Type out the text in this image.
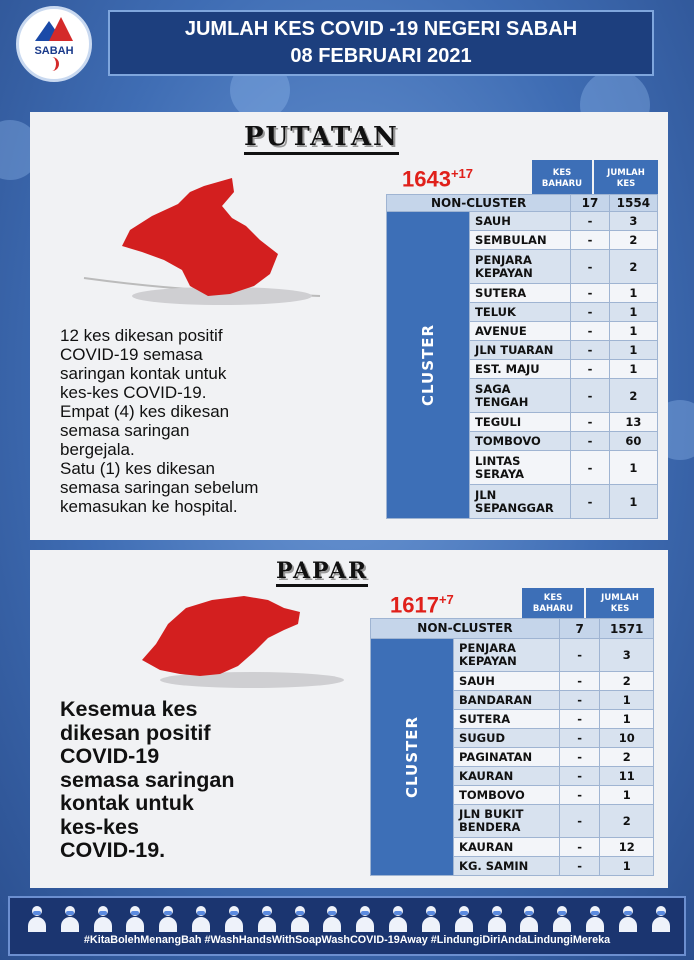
SABAH
JUMLAH KES COVID -19 NEGERI SABAH
08 FEBRUARI 2021
PUTATAN

12 kes dikesan positif

COVID-19 semasa

saringan kontak untuk

kes-kes COVID-19.

Empat (4) kes dikesan

semasa saringan

bergejala.

Satu (1) kes dikesan

semasa saringan sebelum

kemasukan ke hospital.

$1643^{+17}$	KES
BAHARU
JUMLAH
KES
NON-CLUSTER		17	1554
CLUSTER	SAUH	-	3

	SEMBULAN	-	2

	PENJARA
KEPAYAN	-	2

	SUTERA	-	1

	TELUK	-	1

	AVENUE	-	1

	JLN TUARAN	-	1

	EST. MAJU	-	1

	SAGA
TENGAH	-	2

	TEGULI	-	13

	TOMBOVO	-	60

	LINTAS
SERAYA	-	1

	JLN
SEPANGGAR	-	1
PAPAR

Kesemua kes

dikesan positif

COVID-19

semasa saringan

kontak untuk

kes-kes

COVID-19.

$1617^{+7}$	KES
BAHARU
JUMLAH
KES
NON-CLUSTER		7	1571
CLUSTER	PENJARA
KEPAYAN	-	3

	SAUH	-	2

	BANDARAN	-	1

	SUTERA	-	1

	SUGUD	-	10

	PAGINATAN	-	2

	KAURAN	-	11

	TOMBOVO	-	1

	JLN BUKIT
BENDERA	-	2

	KAURAN	-	12

	KG. SAMIN	-	1
#KitaBolehMenangBah #WashHandsWithSoapWashCOVID-19Away #LindungiDiriAndaLindungiMereka
